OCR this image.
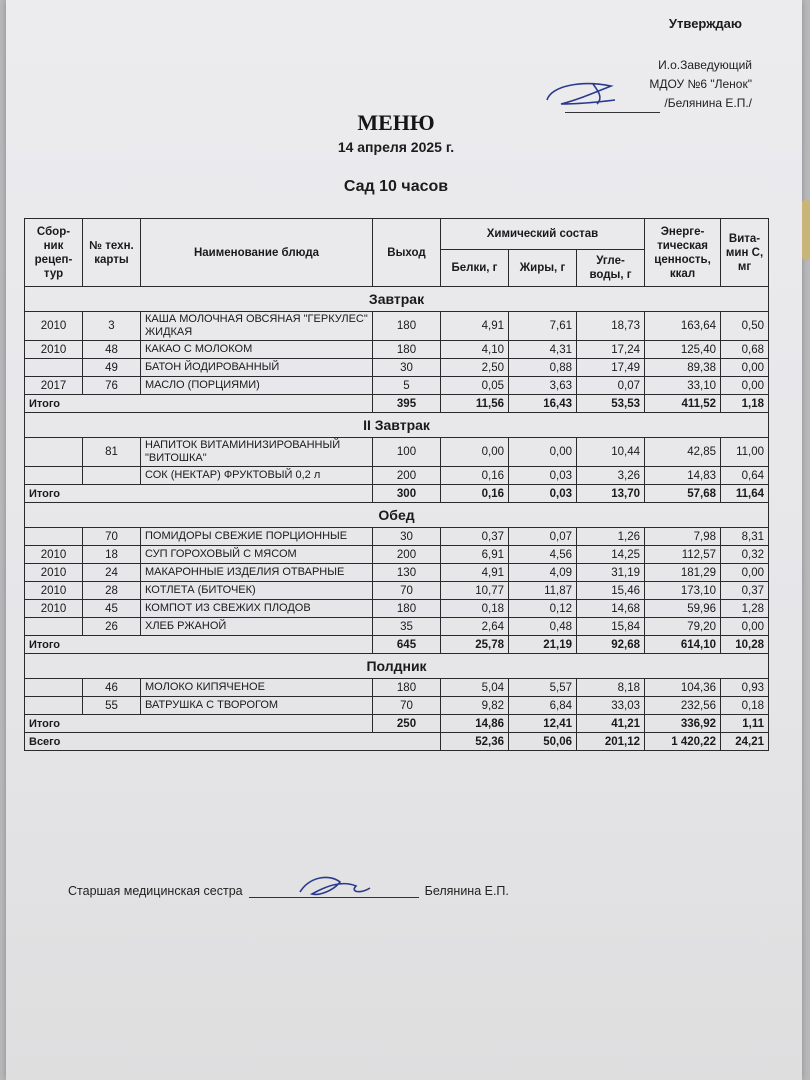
Утверждаю
И.о.Заведующий
МДОУ №6 "Ленок"
/Белянина Е.П./
МЕНЮ
14 апреля 2025 г.
Сад 10 часов
Сбор-ник рецеп-тур	№ техн. карты	Наименование блюда	Выход	Химический состав			Энерге-тическая ценность, ккал	Вита-мин С, мг
				Белки, г	Жиры, г	Угле-воды, г		
Завтрак								
2010	3	КАША МОЛОЧНАЯ ОВСЯНАЯ "ГЕРКУЛЕС" ЖИДКАЯ	180	4,91	7,61	18,73	163,64	0,50
2010	48	КАКАО С МОЛОКОМ	180	4,10	4,31	17,24	125,40	0,68
	49	БАТОН ЙОДИРОВАННЫЙ	30	2,50	0,88	17,49	89,38	0,00
2017	76	МАСЛО (ПОРЦИЯМИ)	5	0,05	3,63	0,07	33,10	0,00
Итого			395	11,56	16,43	53,53	411,52	1,18
II Завтрак								
	81	НАПИТОК ВИТАМИНИЗИРОВАННЫЙ "ВИТОШКА"	100	0,00	0,00	10,44	42,85	11,00
		СОК (НЕКТАР) ФРУКТОВЫЙ 0,2 л	200	0,16	0,03	3,26	14,83	0,64
Итого			300	0,16	0,03	13,70	57,68	11,64
Обед								
	70	ПОМИДОРЫ СВЕЖИЕ ПОРЦИОННЫЕ	30	0,37	0,07	1,26	7,98	8,31
2010	18	СУП ГОРОХОВЫЙ С МЯСОМ	200	6,91	4,56	14,25	112,57	0,32
2010	24	МАКАРОННЫЕ ИЗДЕЛИЯ ОТВАРНЫЕ	130	4,91	4,09	31,19	181,29	0,00
2010	28	КОТЛЕТА (БИТОЧЕК)	70	10,77	11,87	15,46	173,10	0,37
2010	45	КОМПОТ ИЗ СВЕЖИХ ПЛОДОВ	180	0,18	0,12	14,68	59,96	1,28
	26	ХЛЕБ РЖАНОЙ	35	2,64	0,48	15,84	79,20	0,00
Итого			645	25,78	21,19	92,68	614,10	10,28
Полдник								
	46	МОЛОКО КИПЯЧЕНОЕ	180	5,04	5,57	8,18	104,36	0,93
	55	ВАТРУШКА С ТВОРОГОМ	70	9,82	6,84	33,03	232,56	0,18
Итого			250	14,86	12,41	41,21	336,92	1,11
Всего				52,36	50,06	201,12	1 420,22	24,21
Старшая медицинская сестра	Белянина Е.П.
